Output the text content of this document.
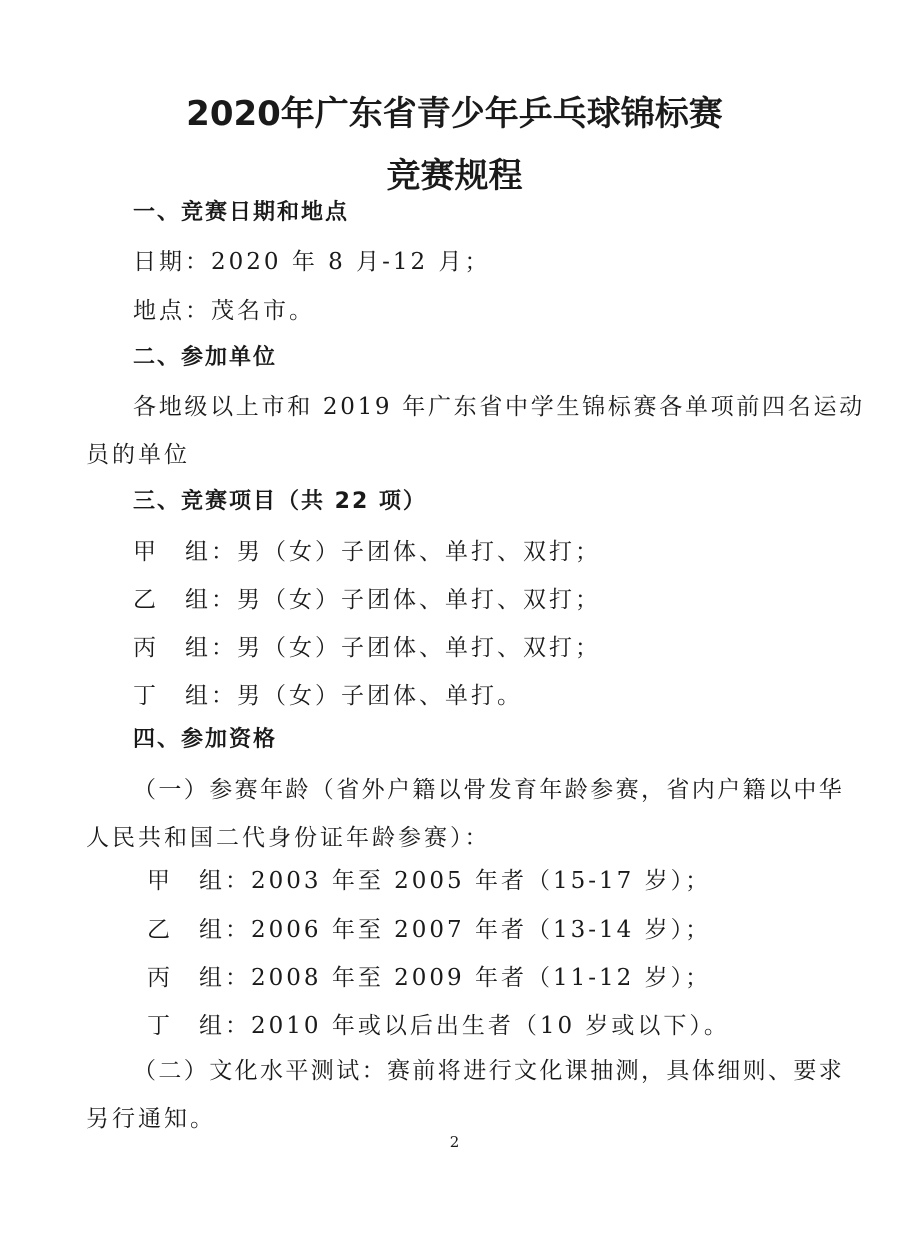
2020年广东省青少年乒乓球锦标赛
竞赛规程
一、竞赛日期和地点
日期：2020 年 8 月-12 月；
地点：茂名市。
二、参加单位
各地级以上市和 2019 年广东省中学生锦标赛各单项前四名运动
员的单位
三、竞赛项目（共 22 项）
甲　组：男（女）子团体、单打、双打；
乙　组：男（女）子团体、单打、双打；
丙　组：男（女）子团体、单打、双打；
丁　组：男（女）子团体、单打。
四、参加资格
（一）参赛年龄（省外户籍以骨发育年龄参赛，省内户籍以中华
人民共和国二代身份证年龄参赛）：
甲　组：2003 年至 2005 年者（15-17 岁）；
乙　组：2006 年至 2007 年者（13-14 岁）；
丙　组：2008 年至 2009 年者（11-12 岁）；
丁　组：2010 年或以后出生者（10 岁或以下）。
（二）文化水平测试：赛前将进行文化课抽测，具体细则、要求
另行通知。
2
